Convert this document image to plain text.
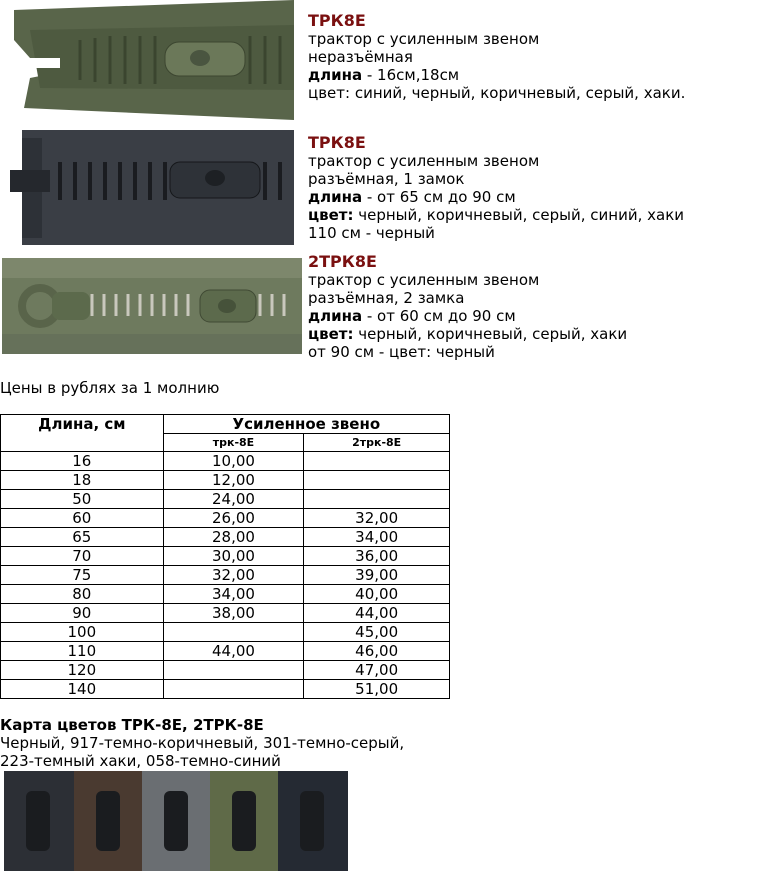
ТРК8Е
трактор с усиленным звеном
неразъёмная
длина - 16см,18см
цвет: синий, черный, коричневый, серый, хаки.
ТРК8Е
трактор с усиленным звеном
разъёмная, 1 замок
длина - от 65 см до 90 см
цвет: черный, коричневый, серый, синий, хаки
110 см - черный
2ТРК8Е
трактор с усиленным звеном
разъёмная, 2 замка
длина - от 60 см до 90 см
цвет: черный, коричневый, серый, хаки
от 90 см - цвет: черный
Цены в рублях за 1 молнию
Длина, см	Усиленное звено	
	трк-8Е	2трк-8Е
16	10,00	
18	12,00	
50	24,00	
60	26,00	32,00
65	28,00	34,00
70	30,00	36,00
75	32,00	39,00
80	34,00	40,00
90	38,00	44,00
100		45,00
110	44,00	46,00
120		47,00
140		51,00
Карта цветов ТРК-8Е, 2ТРК-8Е
Черный, 917-темно-коричневый, 301-темно-серый,
223-темный хаки, 058-темно-синий
